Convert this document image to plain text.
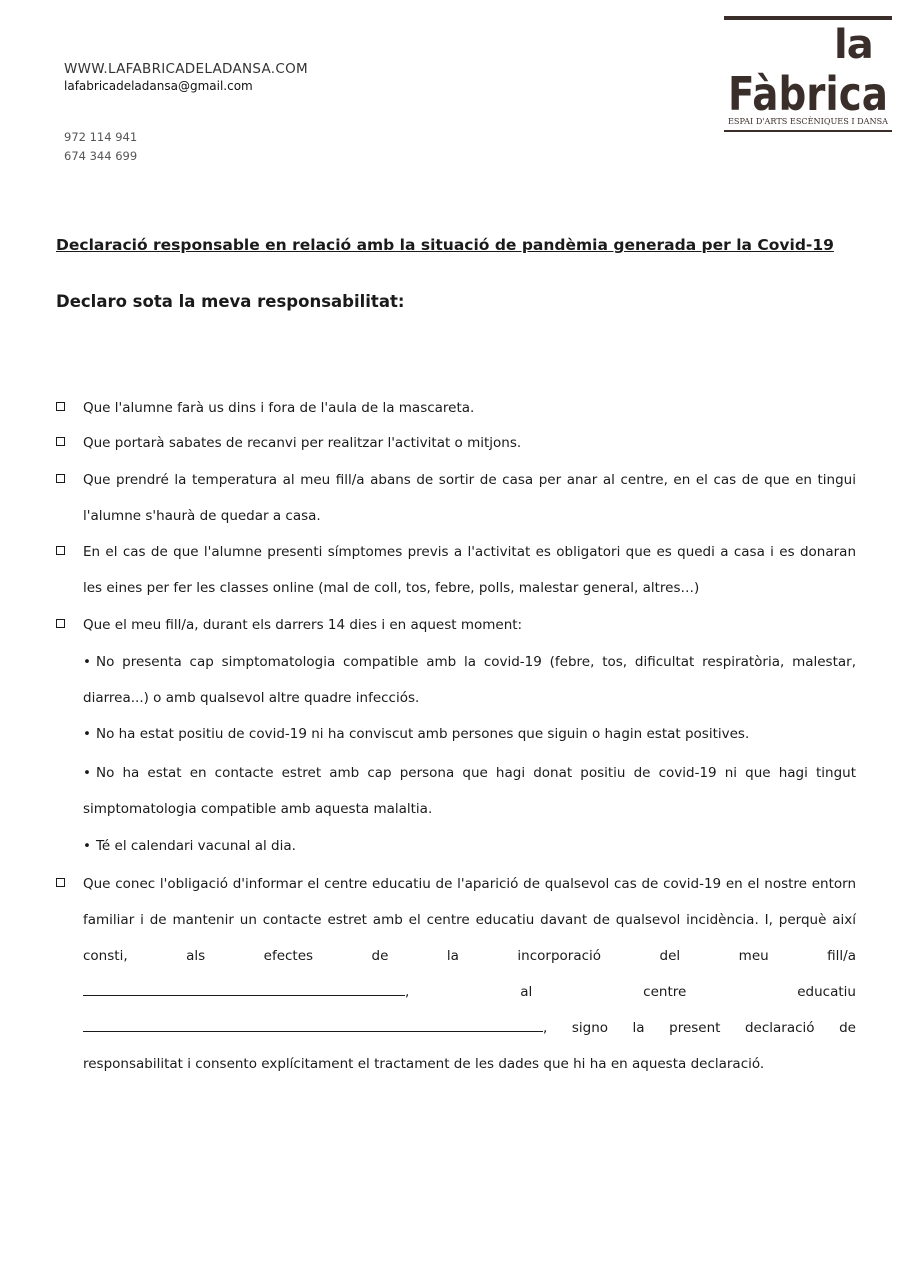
WWW.LAFABRICADELADANSA.COM
lafabricadeladansa@gmail.com
972 114 941
674 344 699
la
Fàbrica
ESPAI D'ARTS ESCÈNIQUES I DANSA
Declaració responsable en relació amb la situació de pandèmia generada per la Covid-19
Declaro sota la meva responsabilitat:
Que l'alumne farà us dins i fora de l'aula de la mascareta.
Que portarà sabates de recanvi per realitzar l'activitat o mitjons.
Que prendré la temperatura al meu fill/a abans de sortir de casa per anar al centre, en el cas de que en tingui l'alumne s'haurà de quedar a casa.
En el cas de que l'alumne presenti símptomes previs a l'activitat es obligatori que es quedi a casa i es donaran les eines per fer les classes online (mal de coll, tos, febre, polls, malestar general, altres…)
Que el meu fill/a, durant els darrers 14 dies i en aquest moment:
• No presenta cap simptomatologia compatible amb la covid-19 (febre, tos, dificultat respiratòria, malestar, diarrea...) o amb qualsevol altre quadre infecciós.
• No ha estat positiu de covid-19 ni ha conviscut amb persones que siguin o hagin estat positives.
• No ha estat en contacte estret amb cap persona que hagi donat positiu de covid-19 ni que hagi tingut simptomatologia compatible amb aquesta malaltia.
• Té el calendari vacunal al dia.
Que conec l'obligació d'informar el centre educatiu de l'aparició de qualsevol cas de covid-19 en el nostre entorn familiar i de mantenir un contacte estret amb el centre educatiu davant de qualsevol incidència. I, perquè així consti, als efectes de la incorporació del meu fill/a
,	al	centre	educatiu
, signo la present declaració de responsabilitat i consento explícitament el tractament de les dades que hi ha en aquesta declaració.
